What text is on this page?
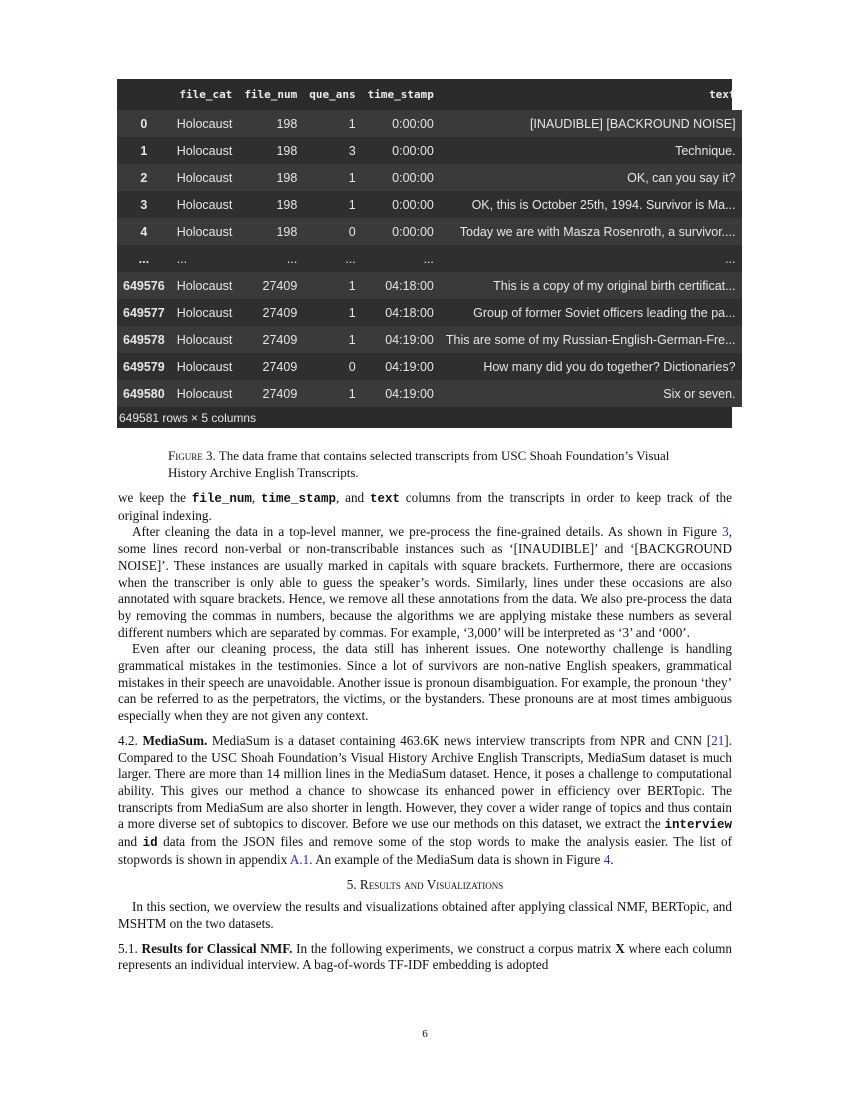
	file_cat	file_num	que_ans	time_stamp	text
0	Holocaust	198	1	0:00:00	[INAUDIBLE] [BACKROUND NOISE]
1	Holocaust	198	3	0:00:00	Technique.
2	Holocaust	198	1	0:00:00	OK, can you say it?
3	Holocaust	198	1	0:00:00	OK, this is October 25th, 1994. Survivor is Ma...
4	Holocaust	198	0	0:00:00	Today we are with Masza Rosenroth, a survivor....
...	...	...	...	...	...
649576	Holocaust	27409	1	04:18:00	This is a copy of my original birth certificat...
649577	Holocaust	27409	1	04:18:00	Group of former Soviet officers leading the pa...
649578	Holocaust	27409	1	04:19:00	This are some of my Russian-English-German-Fre...
649579	Holocaust	27409	0	04:19:00	How many did you do together? Dictionaries?
649580	Holocaust	27409	1	04:19:00	Six or seven.
649581 rows × 5 columns
Figure 3. The data frame that contains selected transcripts from USC Shoah Foundation’s Visual History Archive English Transcripts.

we keep the file_num, time_stamp, and text columns from the transcripts in order to keep track of the original indexing.

After cleaning the data in a top-level manner, we pre-process the fine-grained details. As shown in Figure 3, some lines record non-verbal or non-transcribable instances such as ‘[INAUDIBLE]’ and ‘[BACKGROUND NOISE]’. These instances are usually marked in capitals with square brackets. Furthermore, there are occasions when the transcriber is only able to guess the speaker’s words. Similarly, lines under these occasions are also annotated with square brackets. Hence, we remove all these annotations from the data. We also pre-process the data by removing the commas in numbers, because the algorithms we are applying mistake these numbers as several different numbers which are separated by commas. For example, ‘3,000’ will be interpreted as ‘3’ and ‘000’.

Even after our cleaning process, the data still has inherent issues. One noteworthy challenge is handling grammatical mistakes in the testimonies. Since a lot of survivors are non-native English speakers, grammatical mistakes in their speech are unavoidable. Another issue is pronoun disambiguation. For example, the pronoun ‘they’ can be referred to as the perpetrators, the victims, or the bystanders. These pronouns are at most times ambiguous especially when they are not given any context.

4.2. MediaSum. MediaSum is a dataset containing 463.6K news interview transcripts from NPR and CNN [21]. Compared to the USC Shoah Foundation’s Visual History Archive English Transcripts, MediaSum dataset is much larger. There are more than 14 million lines in the MediaSum dataset. Hence, it poses a challenge to computational ability. This gives our method a chance to showcase its enhanced power in efficiency over BERTopic. The transcripts from MediaSum are also shorter in length. However, they cover a wider range of topics and thus contain a more diverse set of subtopics to discover. Before we use our methods on this dataset, we extract the interview and id data from the JSON files and remove some of the stop words to make the analysis easier. The list of stopwords is shown in appendix A.1. An example of the MediaSum data is shown in Figure 4.

5. Results and Visualizations

In this section, we overview the results and visualizations obtained after applying classical NMF, BERTopic, and MSHTM on the two datasets.

5.1. Results for Classical NMF. In the following experiments, we construct a corpus matrix X where each column represents an individual interview. A bag-of-words TF-IDF embedding is adopted

6
